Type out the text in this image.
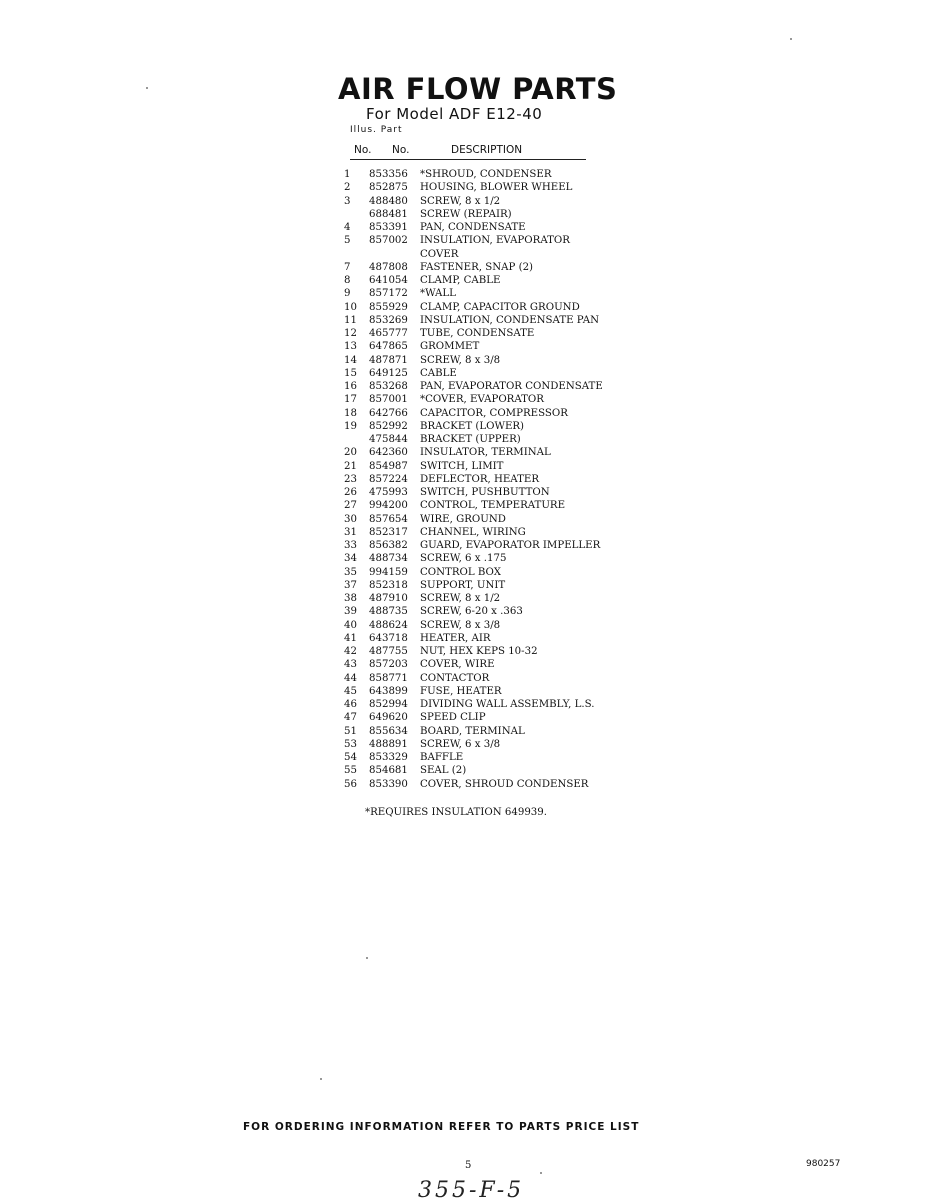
AIR FLOW PARTS
For Model ADF E12-40
Illus. Part
No. No.	DESCRIPTION
1 853356 *SHROUD, CONDENSER
2 852875 HOUSING, BLOWER WHEEL
3 488480 SCREW, 8 x 1/2
688481 SCREW (REPAIR)
4 853391 PAN, CONDENSATE
5 857002 INSULATION, EVAPORATOR
COVER
7 487808 FASTENER, SNAP (2)
8 641054 CLAMP, CABLE
9 857172 *WALL
10 855929 CLAMP, CAPACITOR GROUND
11 853269 INSULATION, CONDENSATE PAN
12 465777 TUBE, CONDENSATE
13 647865 GROMMET
14 487871 SCREW, 8 x 3/8
15 649125 CABLE
16 853268 PAN, EVAPORATOR CONDENSATE
17 857001 *COVER, EVAPORATOR
18 642766 CAPACITOR, COMPRESSOR
19 852992 BRACKET (LOWER)
475844 BRACKET (UPPER)
20 642360 INSULATOR, TERMINAL
21 854987 SWITCH, LIMIT
23 857224 DEFLECTOR, HEATER
26 475993 SWITCH, PUSHBUTTON
27 994200 CONTROL, TEMPERATURE
30 857654 WIRE, GROUND
31 852317 CHANNEL, WIRING
33 856382 GUARD, EVAPORATOR IMPELLER
34 488734 SCREW, 6 x .175
35 994159 CONTROL BOX
37 852318 SUPPORT, UNIT
38 487910 SCREW, 8 x 1/2
39 488735 SCREW, 6-20 x .363
40 488624 SCREW, 8 x 3/8
41 643718 HEATER, AIR
42 487755 NUT, HEX KEPS 10-32
43 857203 COVER, WIRE
44 858771 CONTACTOR
45 643899 FUSE, HEATER
46 852994 DIVIDING WALL ASSEMBLY, L.S.
47 649620 SPEED CLIP
51 855634 BOARD, TERMINAL
53 488891 SCREW, 6 x 3/8
54 853329 BAFFLE
55 854681 SEAL (2)
56 853390 COVER, SHROUD CONDENSER
*REQUIRES INSULATION 649939.
FOR ORDERING INFORMATION REFER TO PARTS PRICE LIST
5	980257
355-F-5
